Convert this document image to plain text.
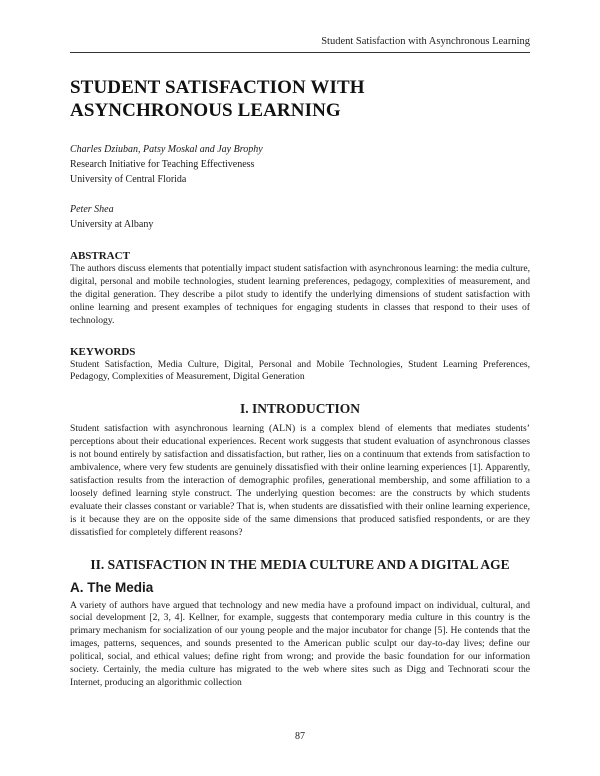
Student Satisfaction with Asynchronous Learning
STUDENT SATISFACTION WITH
ASYNCHRONOUS LEARNING
Charles Dziuban, Patsy Moskal and Jay Brophy
Research Initiative for Teaching Effectiveness
University of Central Florida
Peter Shea
University at Albany
ABSTRACT

The authors discuss elements that potentially impact student satisfaction with asynchronous learning: the media culture, digital, personal and mobile technologies, student learning preferences, pedagogy, complexities of measurement, and the digital generation. They describe a pilot study to identify the underlying dimensions of student satisfaction with online learning and present examples of techniques for engaging students in classes that respond to their uses of technology.

KEYWORDS

Student Satisfaction, Media Culture, Digital, Personal and Mobile Technologies, Student Learning Preferences, Pedagogy, Complexities of Measurement, Digital Generation

I. INTRODUCTION

Student satisfaction with asynchronous learning (ALN) is a complex blend of elements that mediates students’ perceptions about their educational experiences. Recent work suggests that student evaluation of asynchronous classes is not bound entirely by satisfaction and dissatisfaction, but rather, lies on a continuum that extends from satisfaction to ambivalence, where very few students are genuinely dissatisfied with their online learning experiences [1]. Apparently, satisfaction results from the interaction of demographic profiles, generational membership, and some affiliation to a loosely defined learning style construct. The underlying question becomes: are the constructs by which students evaluate their classes constant or variable? That is, when students are dissatisfied with their online learning experience, is it because they are on the opposite side of the same dimensions that produced satisfied respondents, or are they dissatisfied for completely different reasons?

II. SATISFACTION IN THE MEDIA CULTURE AND A DIGITAL AGE
A. The Media

A variety of authors have argued that technology and new media have a profound impact on individual, cultural, and social development [2, 3, 4]. Kellner, for example, suggests that contemporary media culture in this country is the primary mechanism for socialization of our young people and the major incubator for change [5]. He contends that the images, patterns, sequences, and sounds presented to the American public sculpt our day-to-day lives; define our political, social, and ethical values; define right from wrong; and provide the basic foundation for our information society. Certainly, the media culture has migrated to the web where sites such as Digg and Technorati scour the Internet, producing an algorithmic collection

87
